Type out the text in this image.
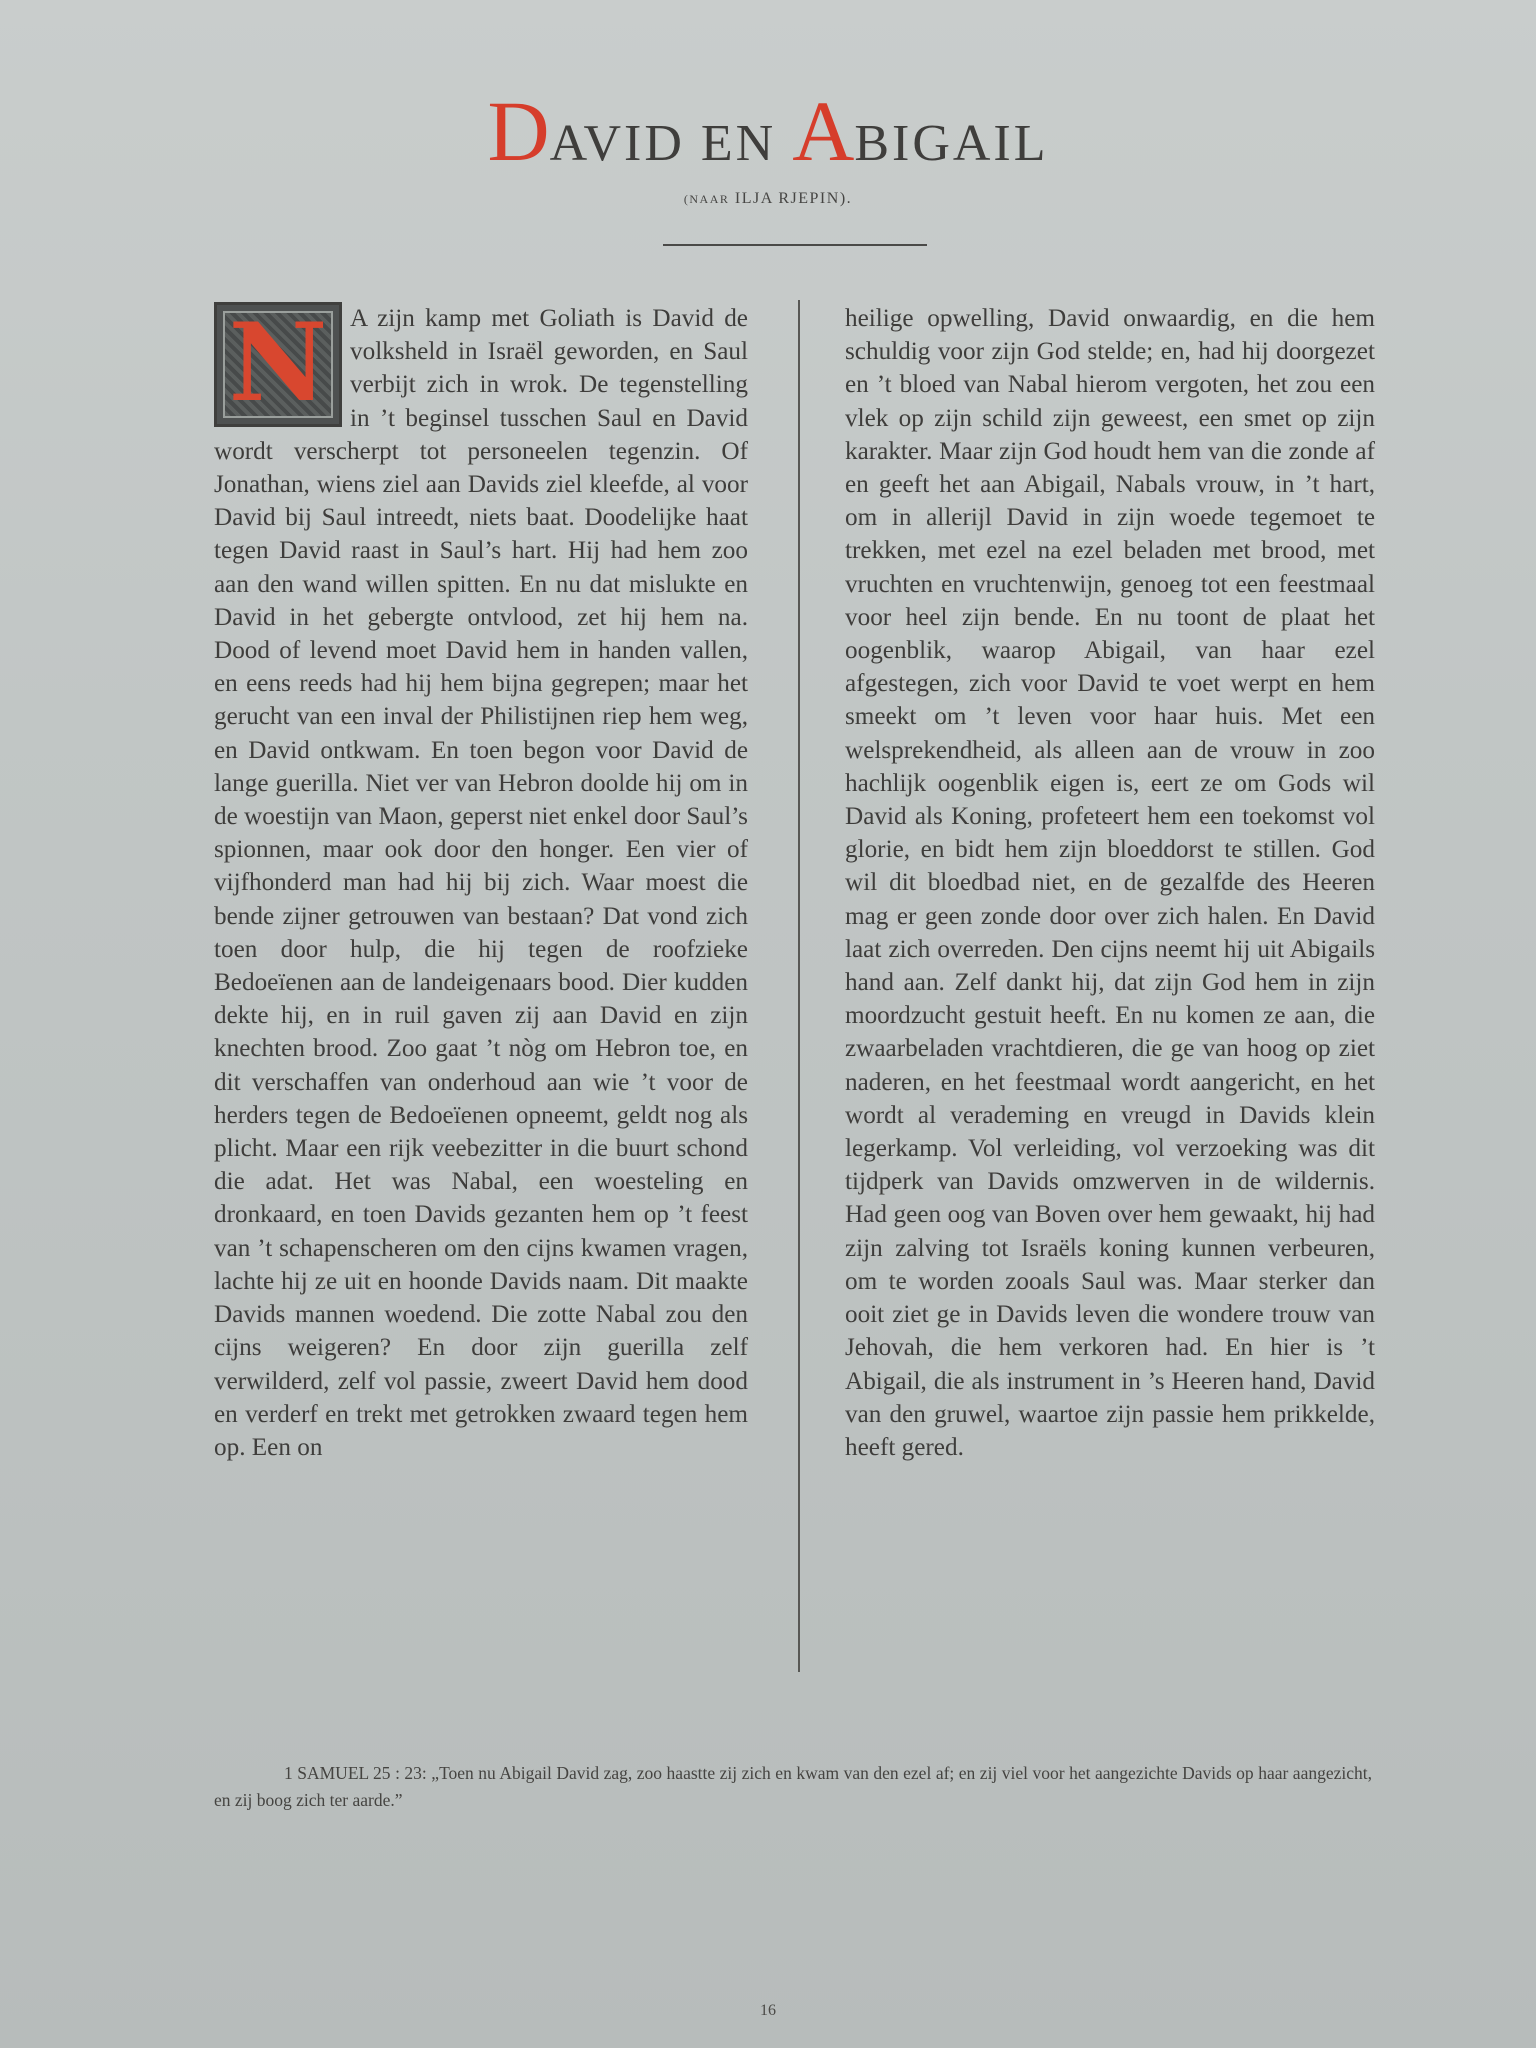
DAVID EN ABIGAIL
(NAAR ILJA RJEPIN).
N A zijn kamp met Goliath is David de volksheld in Israël geworden, en Saul verbijt zich in wrok. De tegenstelling in ’t beginsel tusschen Saul en David wordt verscherpt tot personeelen tegenzin. Of Jonathan, wiens ziel aan Davids ziel kleefde, al voor David bij Saul intreedt, niets baat. Doodelijke haat tegen David raast in Saul’s hart. Hij had hem zoo aan den wand willen spitten. En nu dat mislukte en David in het gebergte ontvlood, zet hij hem na. Dood of levend moet David hem in handen vallen, en eens reeds had hij hem bijna gegrepen; maar het gerucht van een inval der Philistijnen riep hem weg, en David ontkwam. En toen begon voor David de lange guerilla. Niet ver van Hebron doolde hij om in de woestijn van Maon, geperst niet enkel door Saul’s spionnen, maar ook door den honger. Een vier of vijfhonderd man had hij bij zich. Waar moest die bende zijner getrouwen van bestaan? Dat vond zich toen door hulp, die hij tegen de roofzieke Bedoeïenen aan de landeigenaars bood. Dier kudden dekte hij, en in ruil gaven zij aan David en zijn knechten brood. Zoo gaat ’t nòg om Hebron toe, en dit verschaffen van onderhoud aan wie ’t voor de herders tegen de Bedoeïenen opneemt, geldt nog als plicht. Maar een rijk veebezitter in die buurt schond die adat. Het was Nabal, een woesteling en dronkaard, en toen Davids gezanten hem op ’t feest van ’t schapenscheren om den cijns kwamen vragen, lachte hij ze uit en hoonde Davids naam. Dit maakte Davids mannen woedend. Die zotte Nabal zou den cijns weigeren? En door zijn guerilla zelf verwilderd, zelf vol passie, zweert David hem dood en verderf en trekt met getrokken zwaard tegen hem op. Een on

heilige opwelling, David onwaardig, en die hem schuldig voor zijn God stelde; en, had hij doorgezet en ’t bloed van Nabal hierom vergoten, het zou een vlek op zijn schild zijn geweest, een smet op zijn karakter. Maar zijn God houdt hem van die zonde af en geeft het aan Abigail, Nabals vrouw, in ’t hart, om in allerijl David in zijn woede tegemoet te trekken, met ezel na ezel beladen met brood, met vruchten en vruchtenwijn, genoeg tot een feestmaal voor heel zijn bende. En nu toont de plaat het oogenblik, waarop Abigail, van haar ezel afgestegen, zich voor David te voet werpt en hem smeekt om ’t leven voor haar huis. Met een welsprekendheid, als alleen aan de vrouw in zoo hachlijk oogenblik eigen is, eert ze om Gods wil David als Koning, profeteert hem een toekomst vol glorie, en bidt hem zijn bloeddorst te stillen. God wil dit bloedbad niet, en de gezalfde des Heeren mag er geen zonde door over zich halen. En David laat zich overreden. Den cijns neemt hij uit Abigails hand aan. Zelf dankt hij, dat zijn God hem in zijn moordzucht gestuit heeft. En nu komen ze aan, die zwaarbeladen vrachtdieren, die ge van hoog op ziet naderen, en het feestmaal wordt aangericht, en het wordt al verademing en vreugd in Davids klein legerkamp. Vol verleiding, vol verzoeking was dit tijdperk van Davids omzwerven in de wildernis. Had geen oog van Boven over hem gewaakt, hij had zijn zalving tot Israëls koning kunnen verbeuren, om te worden zooals Saul was. Maar sterker dan ooit ziet ge in Davids leven die wondere trouw van Jehovah, die hem verkoren had. En hier is ’t Abigail, die als instrument in ’s Heeren hand, David van den gruwel, waartoe zijn passie hem prikkelde, heeft gered.

1 SAMUEL 25 : 23: „Toen nu Abigail David zag, zoo haastte zij zich en kwam van den ezel af; en zij viel voor het aangezichte Davids op haar aangezicht, en zij boog zich ter aarde.”
16
